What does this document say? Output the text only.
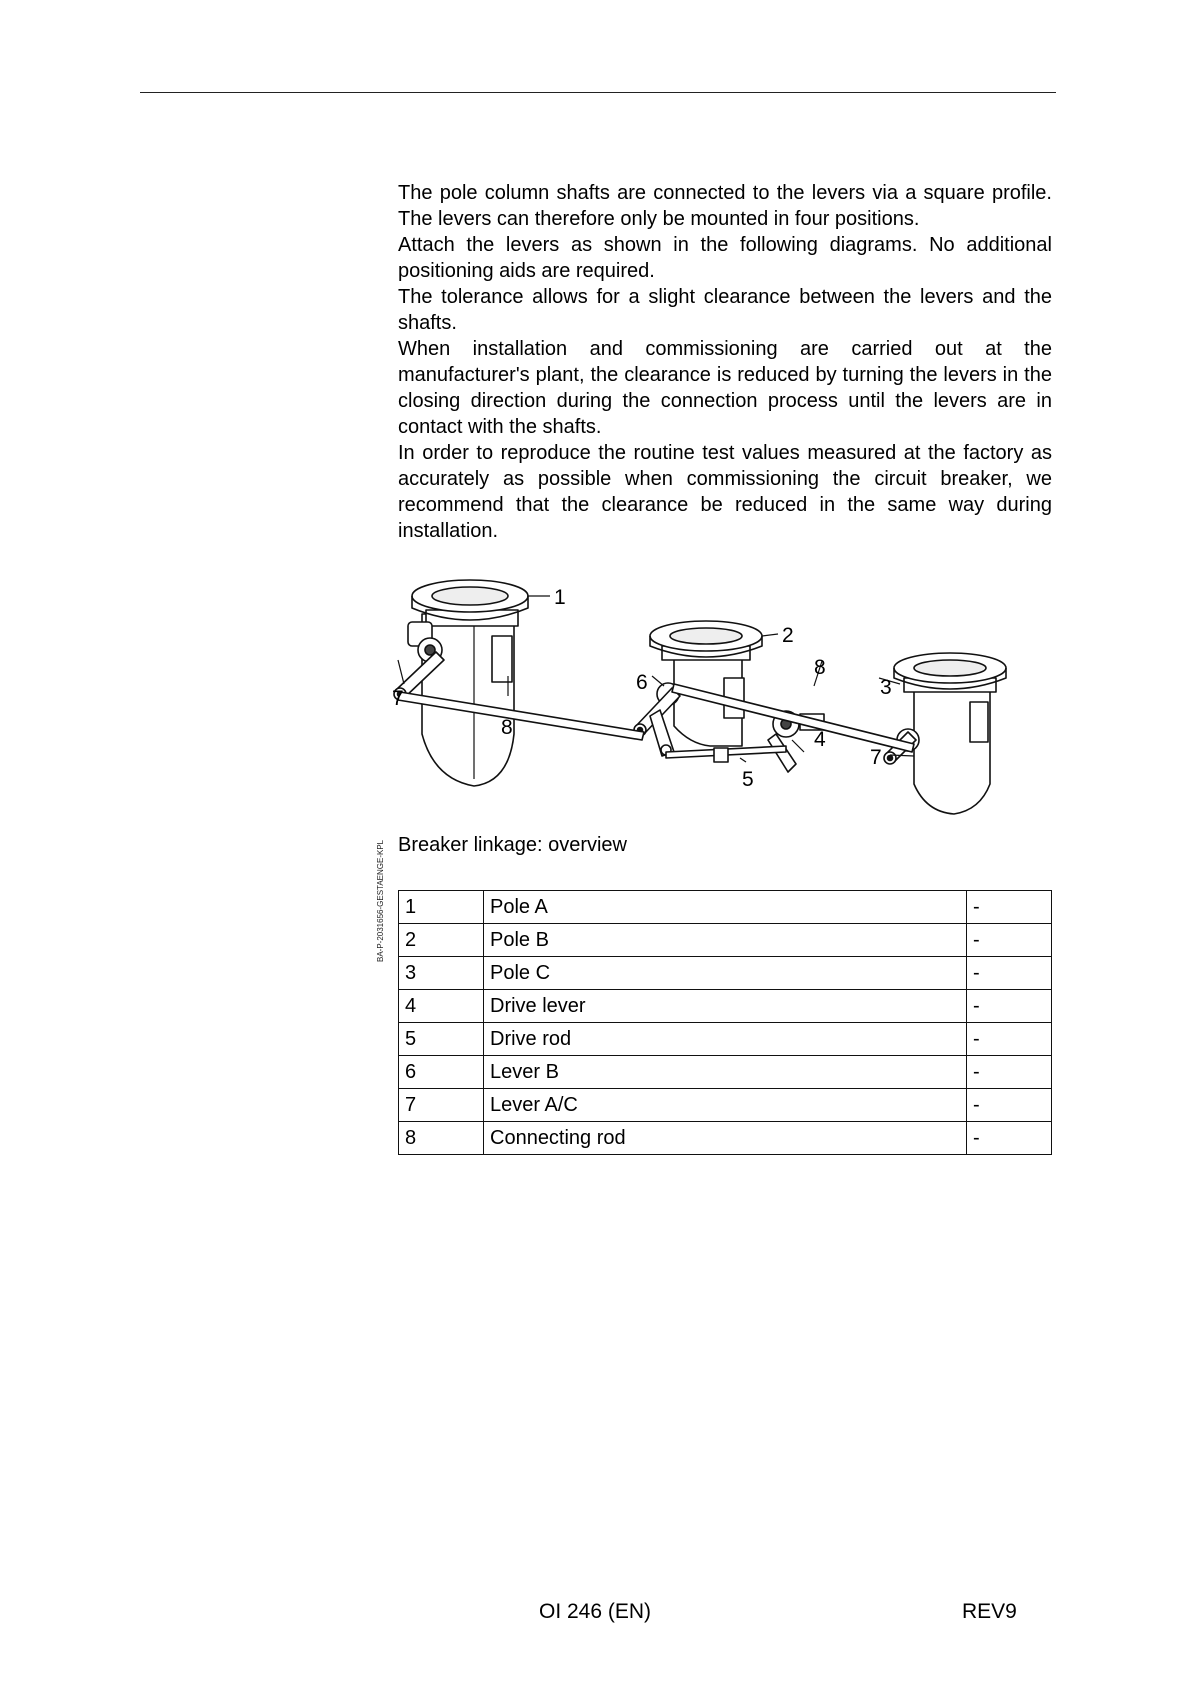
The pole column shafts are connected to the levers via a square profile. The levers can therefore only be mounted in four positions.

Attach the levers as shown in the following diagrams. No additional positioning aids are required.

The tolerance allows for a slight clearance between the levers and the shafts.

When installation and commissioning are carried out at the manufacturer's plant, the clearance is reduced by turning the levers in the closing direction during the connection process until the levers are in contact with the shafts.

In order to reproduce the routine test values measured at the factory as accurately as possible when commissioning the circuit breaker, we recommend that the clearance be reduced in the same way during installation.

1
2
8
3
6
7
8
4
7
5
BA-P-2031656-GESTAENGE-KPL Breaker linkage: overview
1	Pole A	-
2	Pole B	-
3	Pole C	-
4	Drive lever	-
5	Drive rod	-
6	Lever B	-
7	Lever A/C	-
8	Connecting rod	-
OI 246 (EN)	REV9
